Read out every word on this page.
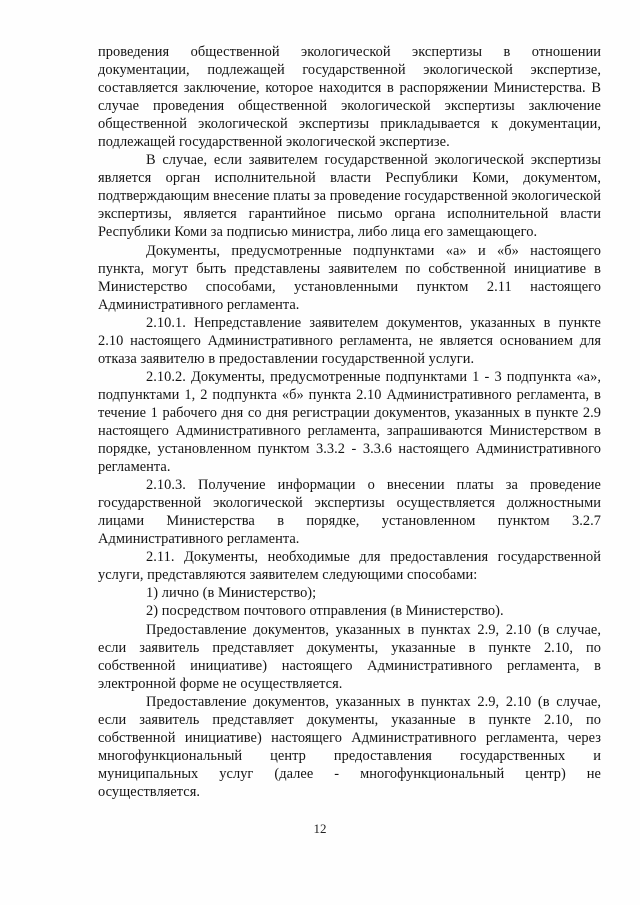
проведения общественной экологической экспертизы в отношении документации, подлежащей государственной экологической экспертизе, составляется заключение, которое находится в распоряжении Министерства. В случае проведения общественной экологической экспертизы заключение общественной экологической экспертизы прикладывается к документации, подлежащей государственной экологической экспертизе.

В случае, если заявителем государственной экологической экспертизы является орган исполнительной власти Республики Коми, документом, подтверждающим внесение платы за проведение государственной экологической экспертизы, является гарантийное письмо органа исполнительной власти Республики Коми за подписью министра, либо лица его замещающего.

Документы, предусмотренные подпунктами «а» и «б» настоящего пункта, могут быть представлены заявителем по собственной инициативе в Министерство способами, установленными пунктом 2.11 настоящего Административного регламента.

2.10.1. Непредставление заявителем документов, указанных в пункте 2.10 настоящего Административного регламента, не является основанием для отказа заявителю в предоставлении государственной услуги.

2.10.2. Документы, предусмотренные подпунктами 1 - 3 подпункта «а», подпунктами 1, 2 подпункта «б» пункта 2.10 Административного регламента, в течение 1 рабочего дня со дня регистрации документов, указанных в пункте 2.9 настоящего Административного регламента, запрашиваются Министерством в порядке, установленном пунктом 3.3.2 - 3.3.6 настоящего Административного регламента.

2.10.3. Получение информации о внесении платы за проведение государственной экологической экспертизы осуществляется должностными лицами Министерства в порядке, установленном пунктом 3.2.7 Административного регламента.

2.11. Документы, необходимые для предоставления государственной услуги, представляются заявителем следующими способами:

1) лично (в Министерство);

2) посредством почтового отправления (в Министерство).

Предоставление документов, указанных в пунктах 2.9, 2.10 (в случае, если заявитель представляет документы, указанные в пункте 2.10, по собственной инициативе) настоящего Административного регламента, в электронной форме не осуществляется.

Предоставление документов, указанных в пунктах 2.9, 2.10 (в случае, если заявитель представляет документы, указанные в пункте 2.10, по собственной инициативе) настоящего Административного регламента, через многофункциональный центр предоставления государственных и муниципальных услуг (далее - многофункциональный центр) не осуществляется.

12
